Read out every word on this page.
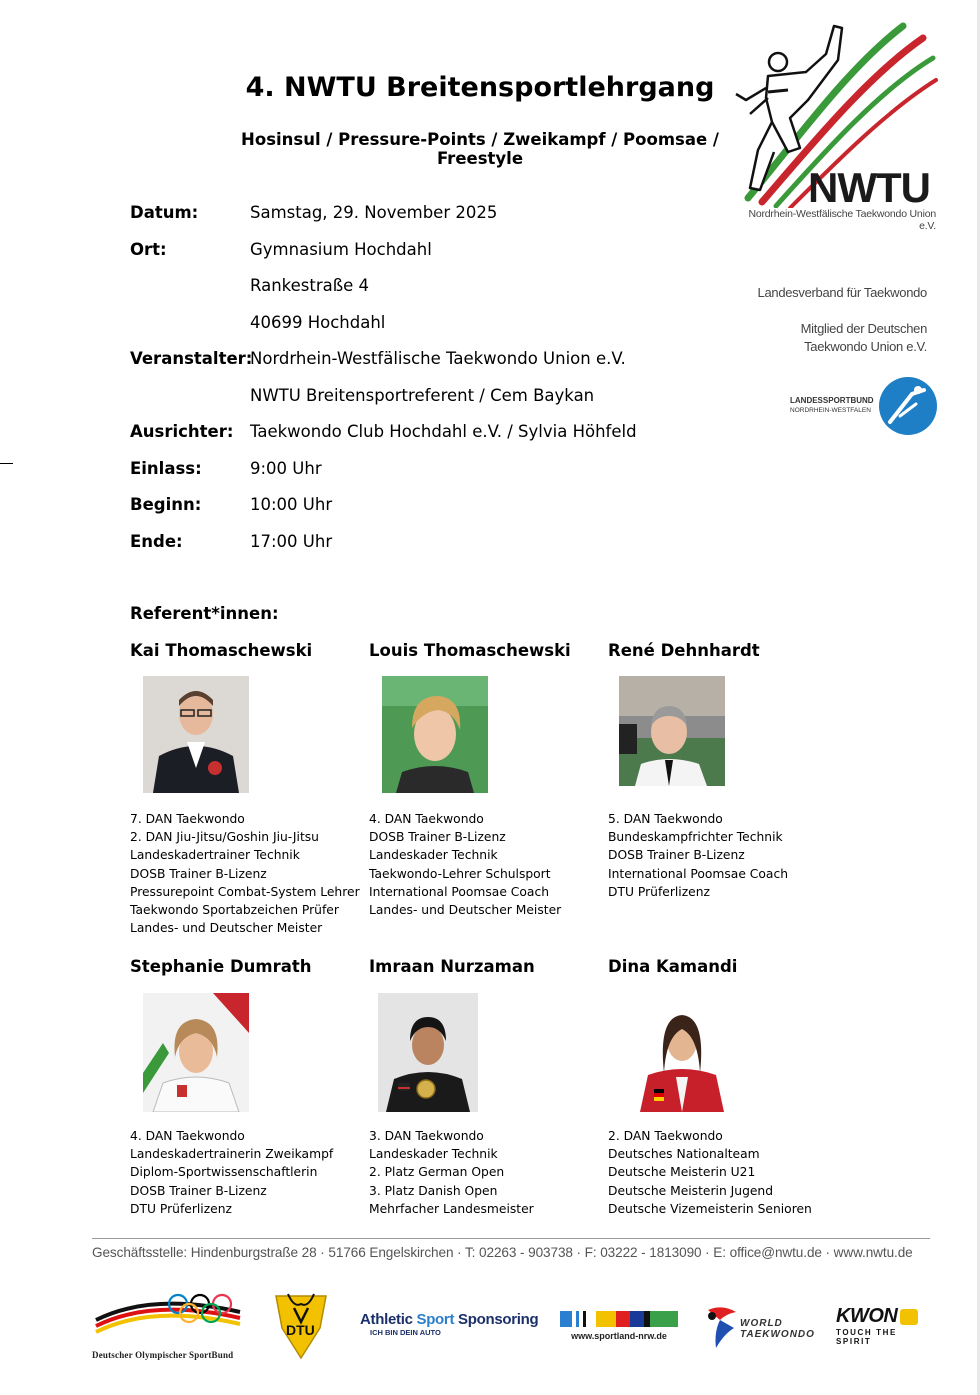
4. NWTU Breitensportlehrgang
Hosinsul / Pressure-Points / Zweikampf / Poomsae / Freestyle
NWTU
Nordrhein-Westfälische Taekwondo Union e.V.
Landesverband für Taekwondo
Mitglied der Deutschen
Taekwondo Union e.V.
LANDESSPORTBUND
NORDRHEIN-WESTFALEN
Datum:	Samstag, 29. November 2025
Ort:	Gymnasium Hochdahl
Rankestraße 4
40699 Hochdahl
Veranstalter:
Nordrhein-Westfälische Taekwondo Union e.V.
NWTU Breitensportreferent / Cem Baykan
Ausrichter:	Taekwondo Club Hochdahl e.V. / Sylvia Höhfeld
Einlass:	9:00 Uhr
Beginn:	10:00 Uhr
Ende:	17:00 Uhr
Referent*innen:
Kai Thomaschewski
7. DAN Taekwondo
2. DAN Jiu-Jitsu/Goshin Jiu-Jitsu
Landeskadertrainer Technik
DOSB Trainer B-Lizenz
Pressurepoint Combat-System Lehrer
Taekwondo Sportabzeichen Prüfer
Landes- und Deutscher Meister
Louis Thomaschewski
4. DAN Taekwondo
DOSB Trainer B-Lizenz
Landeskader Technik
Taekwondo-Lehrer Schulsport
International Poomsae Coach
Landes- und Deutscher Meister
René Dehnhardt
5. DAN Taekwondo
Bundeskampfrichter Technik
DOSB Trainer B-Lizenz
International Poomsae Coach
DTU Prüferlizenz
Stephanie Dumrath
4. DAN Taekwondo
Landeskadertrainerin Zweikampf
Diplom-Sportwissenschaftlerin
DOSB Trainer B-Lizenz
DTU Prüferlizenz
Imraan Nurzaman
3. DAN Taekwondo
Landeskader Technik
2. Platz German Open
3. Platz Danish Open
Mehrfacher Landesmeister
Dina Kamandi
2. DAN Taekwondo
Deutsches Nationalteam
Deutsche Meisterin U21
Deutsche Meisterin Jugend
Deutsche Vizemeisterin Senioren
Geschäftsstelle: Hindenburgstraße 28 · 51766 Engelskirchen · T: 02263 - 903738 · F: 03222 - 1813090 · E: office@nwtu.de · www.nwtu.de
Deutscher Olympischer SportBund
DTU
Athletic Sport Sponsoring
ICH BIN DEIN AUTO	www.sportland-nrw.de
WORLD
TAEKWONDO
KWON
TOUCH THE SPIRIT
